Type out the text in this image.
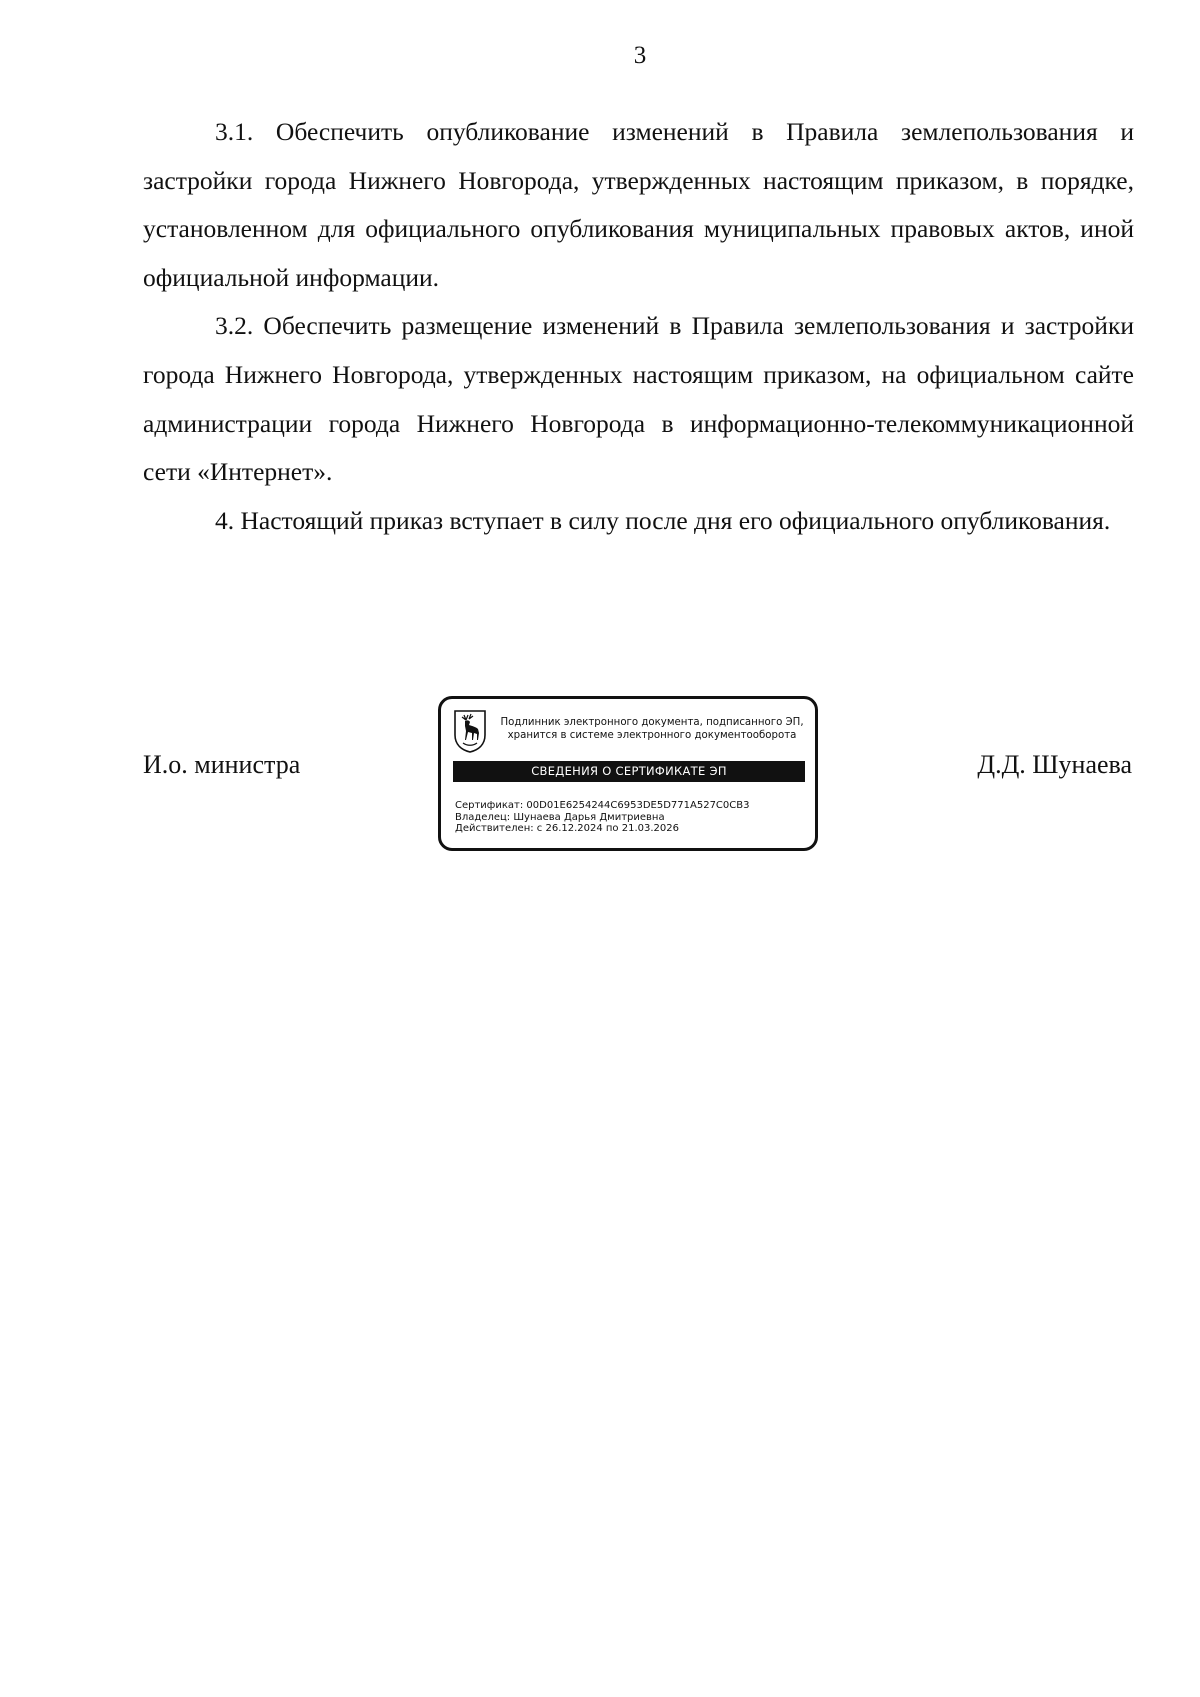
3

3.1. Обеспечить опубликование изменений в Правила землепользования и застройки города Нижнего Новгорода, утвержденных настоящим приказом, в порядке, установленном для официального опубликования муниципальных правовых актов, иной официальной информации.

3.2. Обеспечить размещение изменений в Правила землепользования и застройки города Нижнего Новгорода, утвержденных настоящим приказом, на официальном сайте администрации города Нижнего Новгорода в информационно-телекоммуникационной сети «Интернет».

4. Настоящий приказ вступает в силу после дня его официального опубликования.

И.о. министра	Д.Д. Шунаева
Подлинник электронного документа, подписанного ЭП,
хранится в системе электронного документооборота
СВЕДЕНИЯ О СЕРТИФИКАТЕ ЭП
Сертификат: 00D01E6254244C6953DE5D771A527C0CB3
Владелец: Шунаева Дарья Дмитриевна
Действителен: с 26.12.2024 по 21.03.2026
